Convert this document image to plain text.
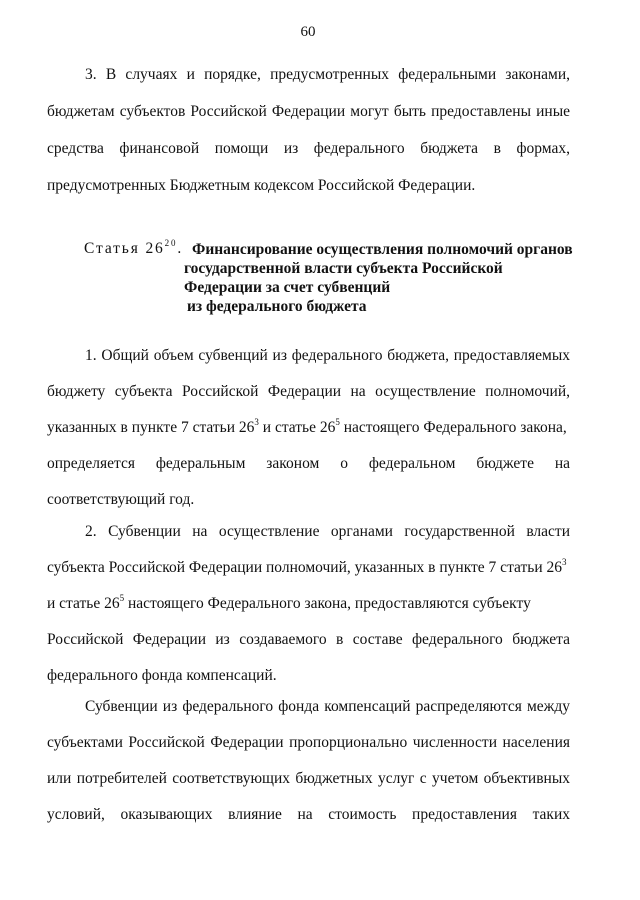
60
3. В случаях и порядке, предусмотренных федеральными законами,
бюджетам субъектов Российской Федерации могут быть предоставлены иные
средства финансовой помощи из федерального бюджета в формах,
предусмотренных Бюджетным кодексом Российской Федерации.
Статья $26^{20}$. Финансирование осуществления полномочий органов
государственной власти субъекта Российской
Федерации за счет субвенций
из федерального бюджета
1. Общий объем субвенций из федерального бюджета, предоставляемых
бюджету субъекта Российской Федерации на осуществление полномочий,
указанных в пункте 7 статьи $26^3$ и статье $26^5$ настоящего Федерального закона,
определяется федеральным законом о федеральном бюджете на
соответствующий год.
2. Субвенции на осуществление органами государственной власти
субъекта Российской Федерации полномочий, указанных в пункте 7 статьи $26^3$
и статье $26^5$ настоящего Федерального закона, предоставляются субъекту
Российской Федерации из создаваемого в составе федерального бюджета
федерального фонда компенсаций.
Субвенции из федерального фонда компенсаций распределяются между
субъектами Российской Федерации пропорционально численности населения
или потребителей соответствующих бюджетных услуг с учетом объективных
условий, оказывающих влияние на стоимость предоставления таких
